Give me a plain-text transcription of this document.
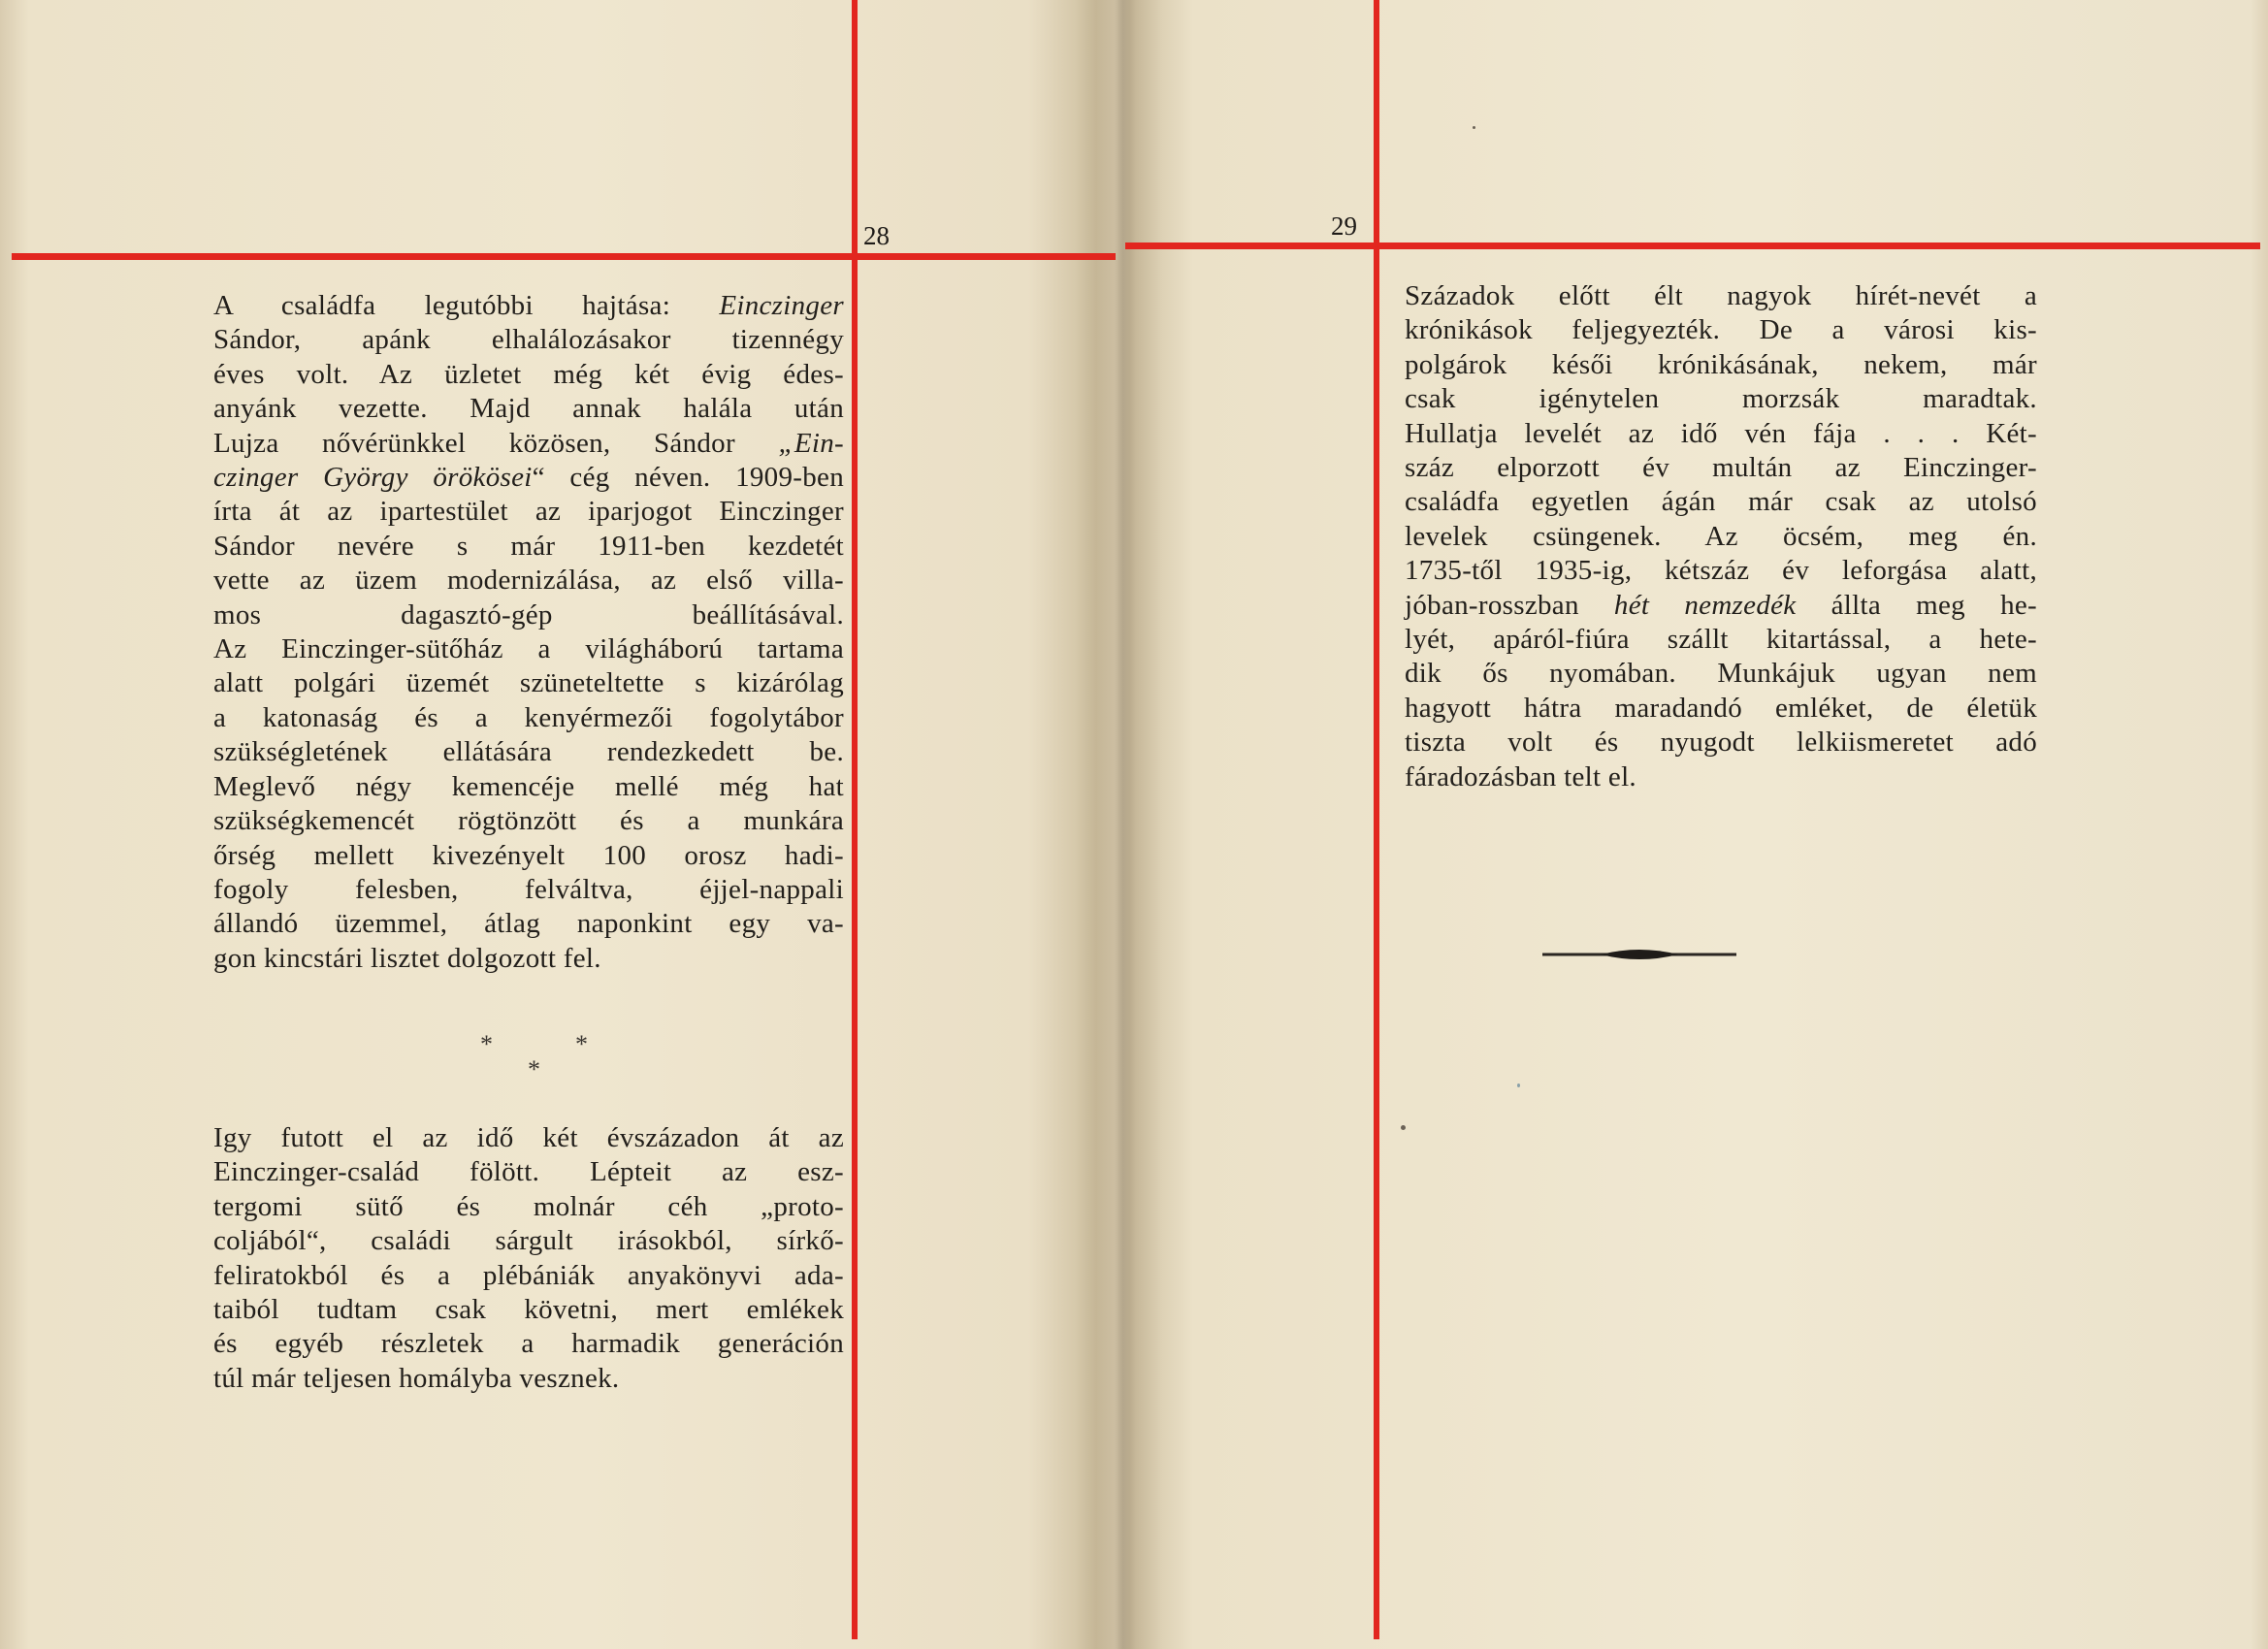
28

A családfa legutóbbi hajtása: Einczinger

Sándor, apánk elhalálozásakor tizennégy

éves volt. Az üzletet még két évig édes-

anyánk vezette. Majd annak halála után

Lujza nővérünkkel közösen, Sándor „Ein-

czinger György örökösei“ cég néven. 1909-ben

írta át az ipartestület az iparjogot Einczinger

Sándor nevére s már 1911-ben kezdetét

vette az üzem modernizálása, az első villa-

mos dagasztó-gép beállításával.

Az Einczinger-sütőház a világháború tartama

alatt polgári üzemét szüneteltette s kizárólag

a katonaság és a kenyérmezői fogolytábor

szükségletének ellátására rendezkedett be.

Meglevő négy kemencéje mellé még hat

szükségkemencét rögtönzött és a munkára

őrség mellett kivezényelt 100 orosz hadi-

fogoly felesben, felváltva, éjjel-nappali

állandó üzemmel, átlag naponkint egy va-

gon kincstári lisztet dolgozott fel.

*	*
*

Igy futott el az idő két évszázadon át az

Einczinger-család fölött. Lépteit az esz-

tergomi sütő és molnár céh „proto-

coljából“, családi sárgult irásokból, sírkő-

feliratokból és a plébániák anyakönyvi ada-

taiból tudtam csak követni, mert emlékek

és egyéb részletek a harmadik generáción

túl már teljesen homályba vesznek.

29

Századok előtt élt nagyok hírét-nevét a

krónikások feljegyezték. De a városi kis-

polgárok késői krónikásának, nekem, már

csak igénytelen morzsák maradtak.

Hullatja levelét az idő vén fája . . . Két-

száz elporzott év multán az Einczinger-

családfa egyetlen ágán már csak az utolsó

levelek csüngenek. Az öcsém, meg én.

1735-től 1935-ig, kétszáz év leforgása alatt,

jóban-rosszban hét nemzedék állta meg he-

lyét, apáról-fiúra szállt kitartással, a hete-

dik ős nyomában. Munkájuk ugyan nem

hagyott hátra maradandó emléket, de életük

tiszta volt és nyugodt lelkiismeretet adó

fáradozásban telt el.
